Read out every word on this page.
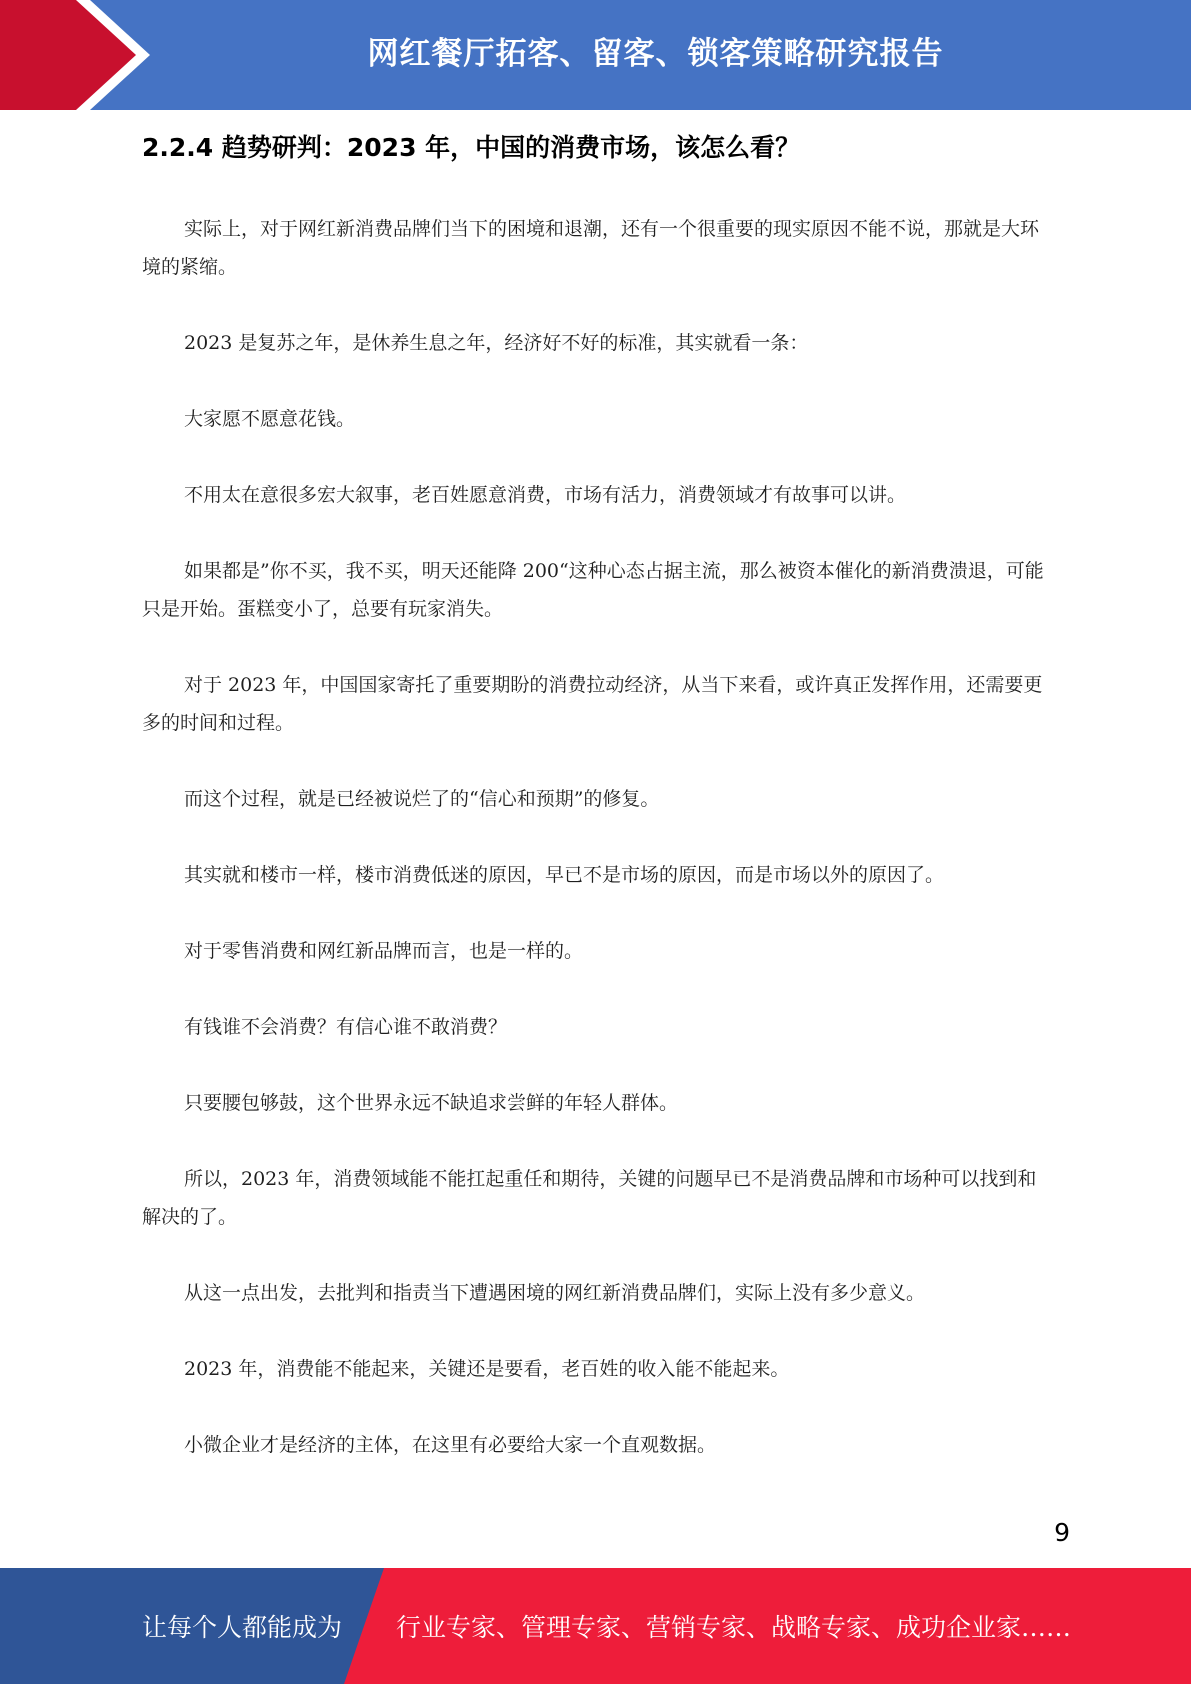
网红餐厅拓客、留客、锁客策略研究报告
2.2.4 趋势研判：2023 年，中国的消费市场，该怎么看？

实际上，对于网红新消费品牌们当下的困境和退潮，还有一个很重要的现实原因不能不说，那就是大环境的紧缩。

2023 是复苏之年，是休养生息之年，经济好不好的标准，其实就看一条：

大家愿不愿意花钱。

不用太在意很多宏大叙事，老百姓愿意消费，市场有活力，消费领域才有故事可以讲。

如果都是”你不买，我不买，明天还能降 200“这种心态占据主流，那么被资本催化的新消费溃退，可能只是开始。蛋糕变小了，总要有玩家消失。

对于 2023 年，中国国家寄托了重要期盼的消费拉动经济，从当下来看，或许真正发挥作用，还需要更多的时间和过程。

而这个过程，就是已经被说烂了的“信心和预期”的修复。

其实就和楼市一样，楼市消费低迷的原因，早已不是市场的原因，而是市场以外的原因了。

对于零售消费和网红新品牌而言，也是一样的。

有钱谁不会消费？有信心谁不敢消费？

只要腰包够鼓，这个世界永远不缺追求尝鲜的年轻人群体。

所以，2023 年，消费领域能不能扛起重任和期待，关键的问题早已不是消费品牌和市场种可以找到和解决的了。

从这一点出发，去批判和指责当下遭遇困境的网红新消费品牌们，实际上没有多少意义。

2023 年，消费能不能起来，关键还是要看，老百姓的收入能不能起来。

小微企业才是经济的主体，在这里有必要给大家一个直观数据。

9
让每个人都能成为 行业专家、管理专家、营销专家、战略专家、成功企业家……
